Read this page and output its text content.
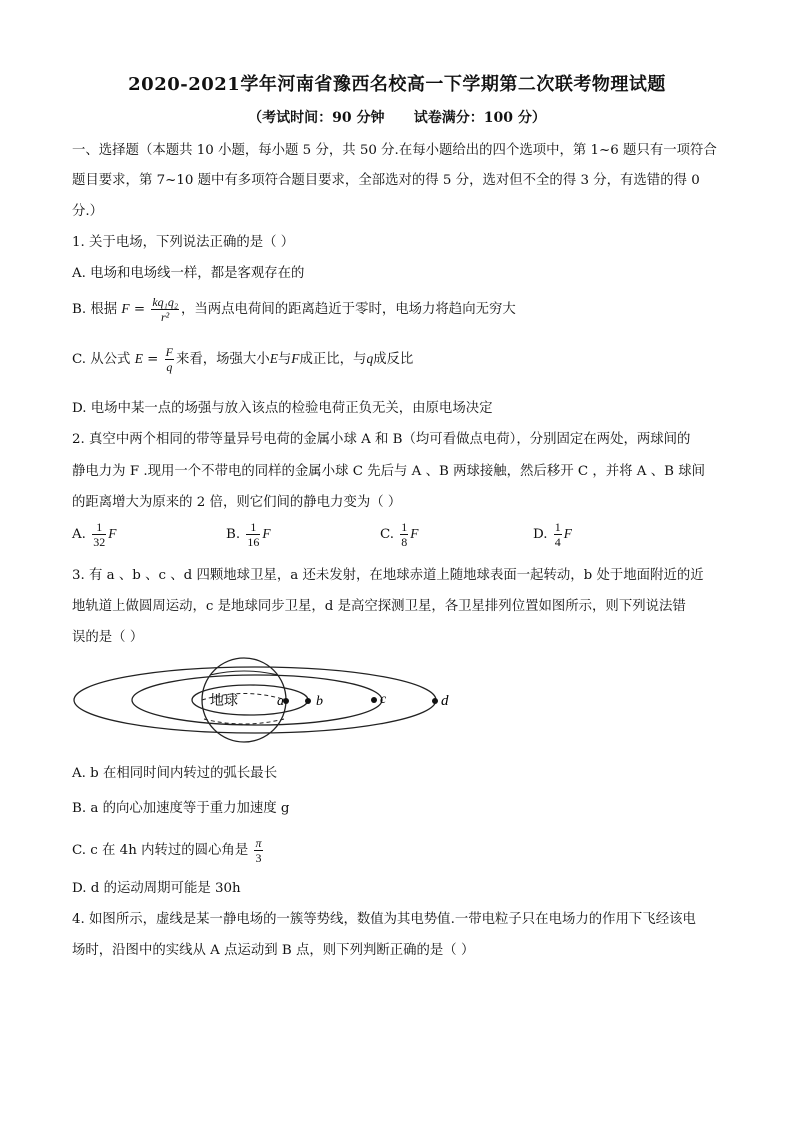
2020-2021学年河南省豫西名校高一下学期第二次联考物理试题
（考试时间：90 分钟      试卷满分：100 分）
一、选择题（本题共 10 小题，每小题 5 分，共 50 分.在每小题给出的四个选项中，第 1~6 题只有一项符合
题目要求，第 7~10 题中有多项符合题目要求，全部选对的得 5 分，选对但不全的得 3 分，有选错的得 0
分.）
1. 关于电场，下列说法正确的是（ ）
A. 电场和电场线一样，都是客观存在的
B. 根据 $F = \frac{\text{kq₁q₂}}{\text{r²}}$ ，当两点电荷间的距离趋近于零时，电场力将趋向无穷大
C. 从公式 $E = \frac{F}{q}$ 来看，场强大小E与F成正比，与q成反比
D. 电场中某一点的场强与放入该点的检验电荷正负无关，由原电场决定
2. 真空中两个相同的带等量异号电荷的金属小球 A 和 B（均可看做点电荷），分别固定在两处，两球间的
静电力为 F .现用一个不带电的同样的金属小球 C 先后与 A 、B 两球接触，然后移开 C ，并将 A 、B 球间
的距离增大为原来的 2 倍，则它们间的静电力变为（ ）
A. $\frac{1}{32}$ F	B. $\frac{1}{16}$ F	C. $\frac{1}{8}$ F	D. $\frac{1}{4}$ F
3. 有 a 、b 、c 、d 四颗地球卫星，a 还未发射，在地球赤道上随地球表面一起转动，b 处于地面附近的近
地轨道上做圆周运动，c 是地球同步卫星，d 是高空探测卫星，各卫星排列位置如图所示，则下列说法错
误的是（ ）
地球	a b	c	d
A. b 在相同时间内转过的弧长最长
B. a 的向心加速度等于重力加速度 g
C. c 在 4h 内转过的圆心角是 $\frac{\pi}{3}$
D. d 的运动周期可能是 30h
4. 如图所示，虚线是某一静电场的一簇等势线，数值为其电势值.一带电粒子只在电场力的作用下飞经该电
场时，沿图中的实线从 A 点运动到 B 点，则下列判断正确的是（ ）
